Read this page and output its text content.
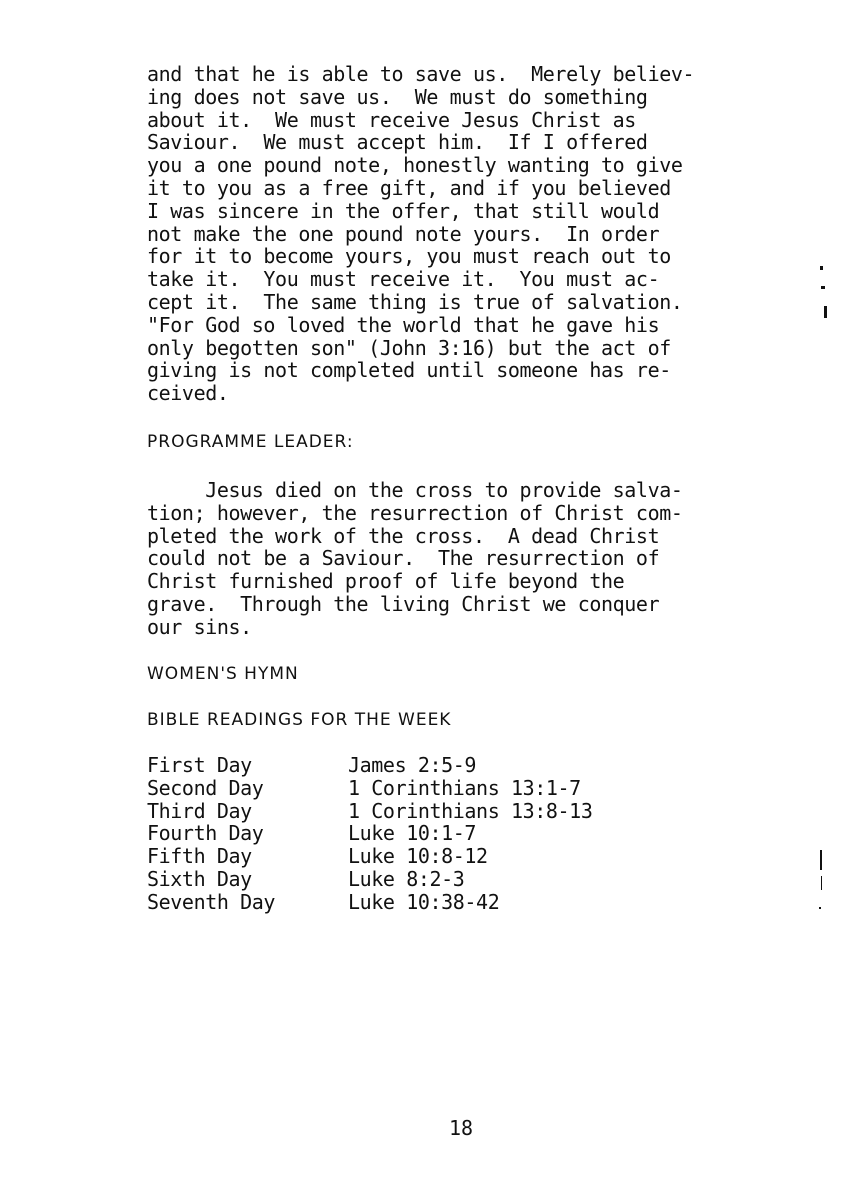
and that he is able to save us.  Merely believ-
ing does not save us.  We must do something
about it.  We must receive Jesus Christ as
Saviour.  We must accept him.  If I offered
you a one pound note, honestly wanting to give
it to you as a free gift, and if you believed
I was sincere in the offer, that still would
not make the one pound note yours.  In order
for it to become yours, you must reach out to
take it.  You must receive it.  You must ac-
cept it.  The same thing is true of salvation.
"For God so loved the world that he gave his
only begotten son" (John 3:16) but the act of
giving is not completed until someone has re-
ceived.
PROGRAMME LEADER:
Jesus died on the cross to provide salva-
tion; however, the resurrection of Christ com-
pleted the work of the cross.  A dead Christ
could not be a Saviour.  The resurrection of
Christ furnished proof of life beyond the
grave.  Through the living Christ we conquer
our sins.
WOMEN'S HYMN
BIBLE READINGS FOR THE WEEK
First Day	James 2:5-9
Second Day	1 Corinthians 13:1-7
Third Day	1 Corinthians 13:8-13
Fourth Day	Luke 10:1-7
Fifth Day	Luke 10:8-12
Sixth Day	Luke 8:2-3
Seventh Day	Luke 10:38-42
18
